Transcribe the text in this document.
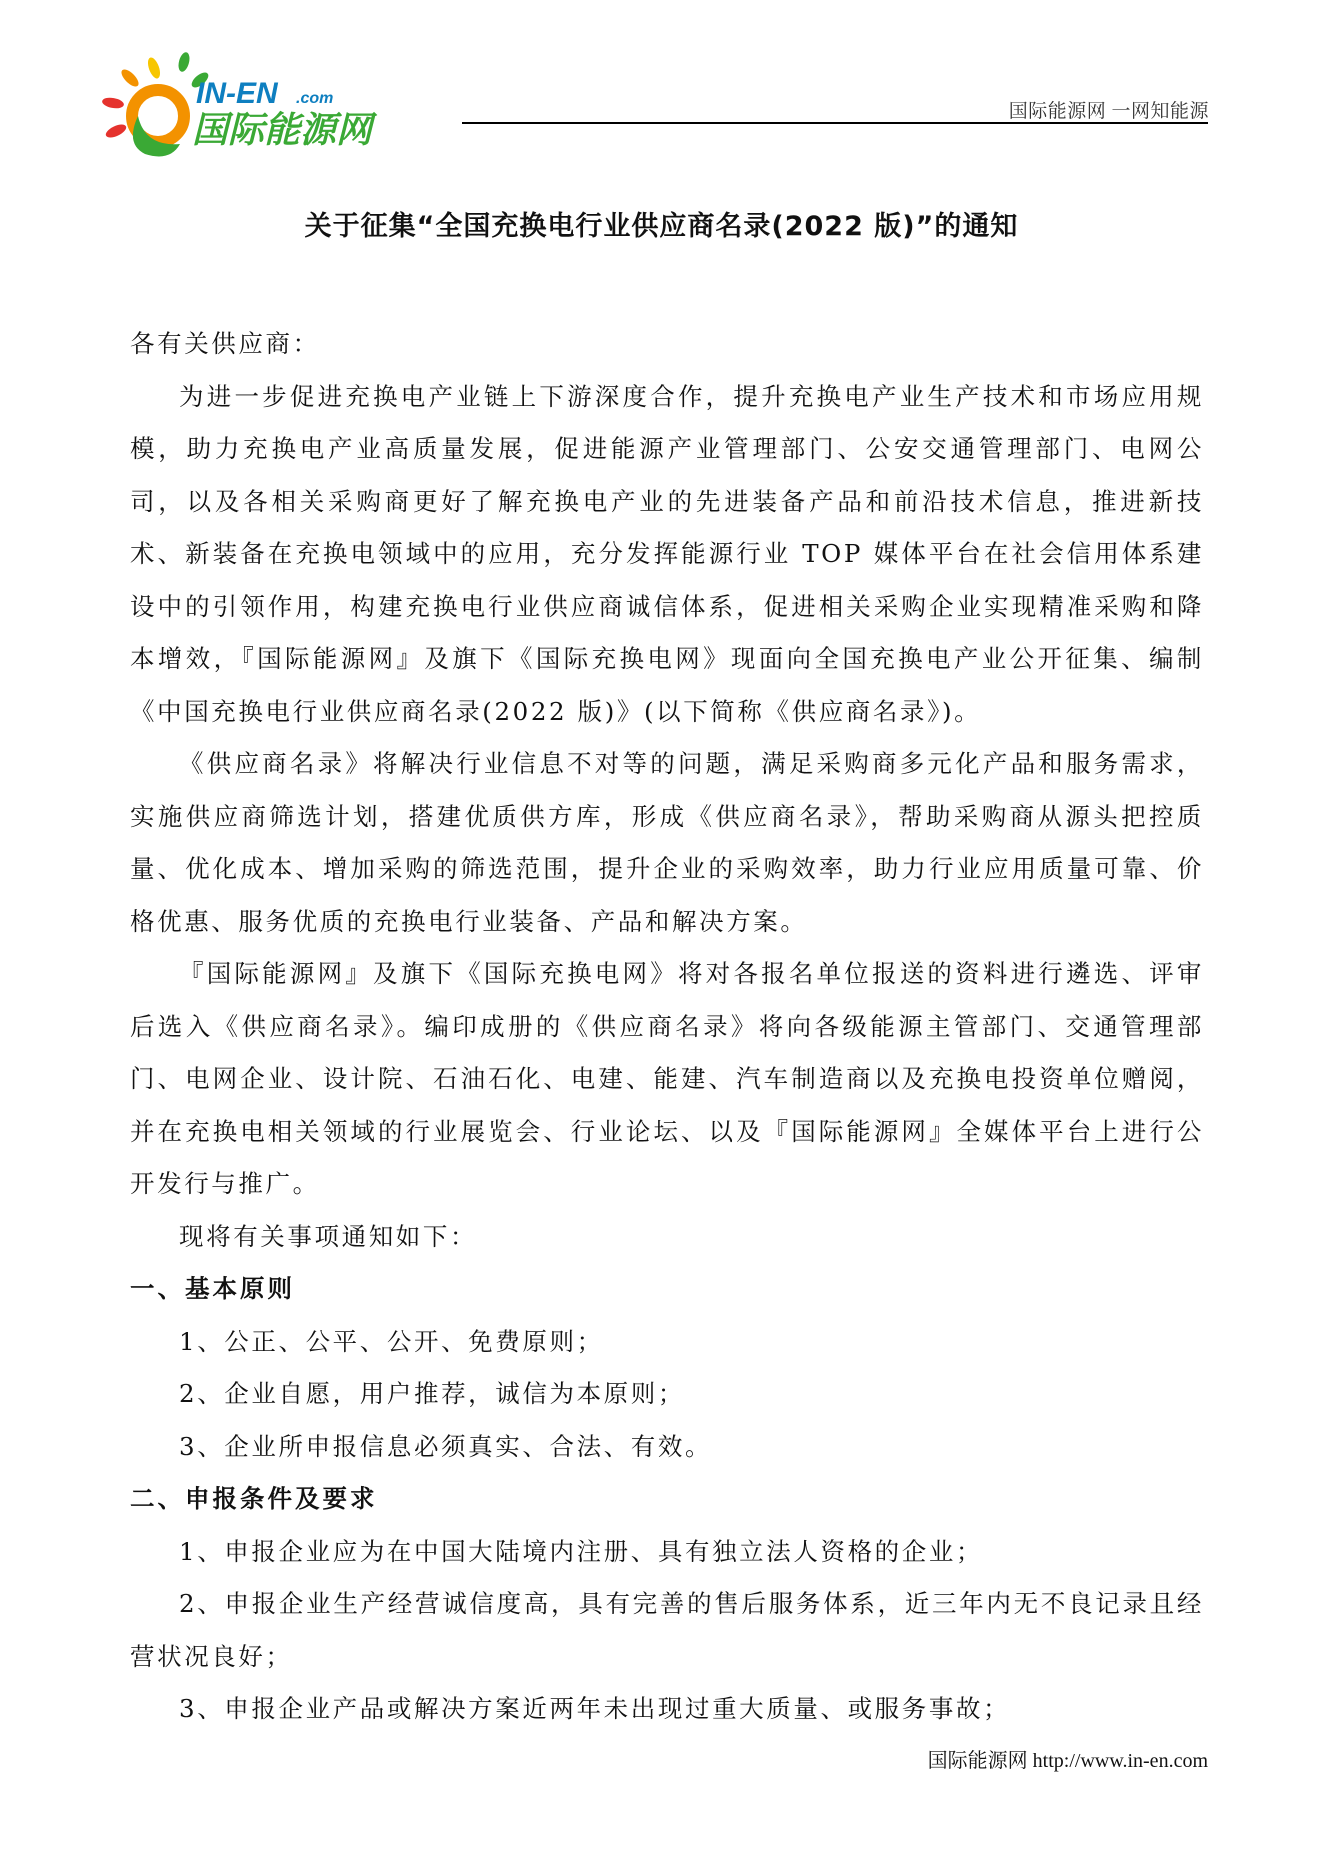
IN-EN .com
国际能源网	国际能源网 一网知能源
关于征集“全国充换电行业供应商名录(2022 版)”的通知

各有关供应商：

为进一步促进充换电产业链上下游深度合作，提升充换电产业生产技术和市场应用规模，助力充换电产业高质量发展，促进能源产业管理部门、公安交通管理部门、电网公司，以及各相关采购商更好了解充换电产业的先进装备产品和前沿技术信息，推进新技术、新装备在充换电领域中的应用，充分发挥能源行业 TOP 媒体平台在社会信用体系建设中的引领作用，构建充换电行业供应商诚信体系，促进相关采购企业实现精准采购和降本增效，『国际能源网』及旗下《国际充换电网》现面向全国充换电产业公开征集、编制《中国充换电行业供应商名录(2022 版)》(以下简称《供应商名录》)。

《供应商名录》将解决行业信息不对等的问题，满足采购商多元化产品和服务需求，实施供应商筛选计划，搭建优质供方库，形成《供应商名录》，帮助采购商从源头把控质量、优化成本、增加采购的筛选范围，提升企业的采购效率，助力行业应用质量可靠、价格优惠、服务优质的充换电行业装备、产品和解决方案。

『国际能源网』及旗下《国际充换电网》将对各报名单位报送的资料进行遴选、评审后选入《供应商名录》。编印成册的《供应商名录》将向各级能源主管部门、交通管理部门、电网企业、设计院、石油石化、电建、能建、汽车制造商以及充换电投资单位赠阅，并在充换电相关领域的行业展览会、行业论坛、以及『国际能源网』全媒体平台上进行公开发行与推广。

现将有关事项通知如下：

一、基本原则

1、公正、公平、公开、免费原则；

2、企业自愿，用户推荐，诚信为本原则；

3、企业所申报信息必须真实、合法、有效。

二、申报条件及要求

1、申报企业应为在中国大陆境内注册、具有独立法人资格的企业；

2、申报企业生产经营诚信度高，具有完善的售后服务体系，近三年内无不良记录且经营状况良好；

3、申报企业产品或解决方案近两年未出现过重大质量、或服务事故；

国际能源网 http://www.in-en.com
